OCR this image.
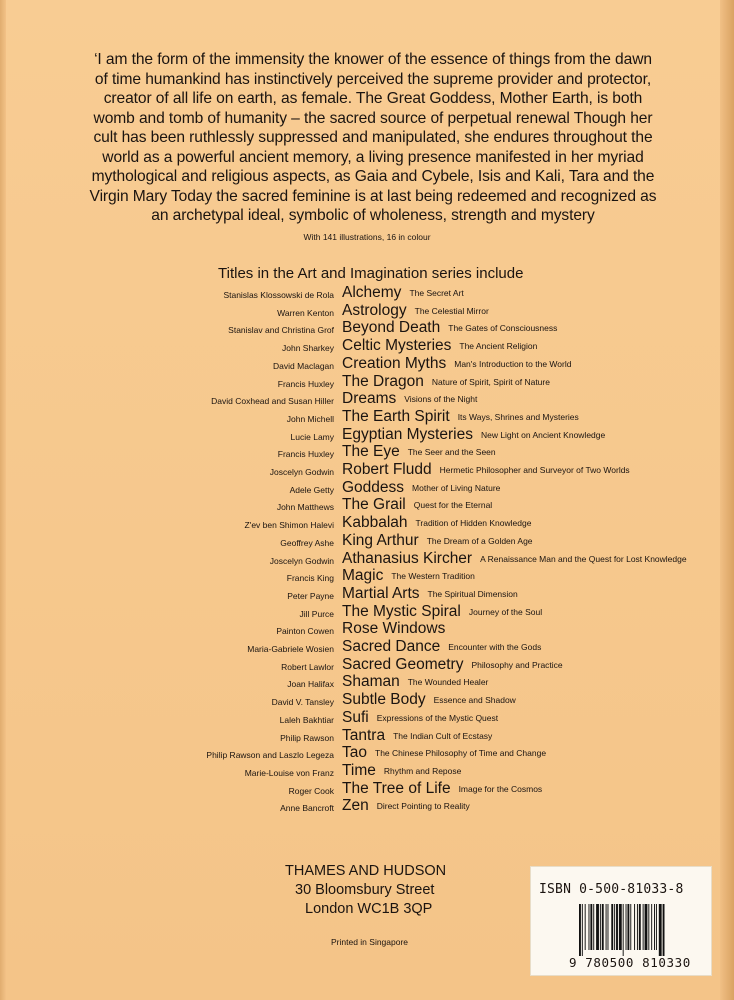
‘I am the form of the immensity the knower of the essence of things from the dawn of time humankind has instinctively perceived the supreme provider and protector, creator of all life on earth, as female. The Great Goddess, Mother Earth, is both womb and tomb of humanity – the sacred source of perpetual renewal Though her cult has been ruthlessly suppressed and manipulated, she endures throughout the world as a powerful ancient memory, a living presence manifested in her myriad mythological and religious aspects, as Gaia and Cybele, Isis and Kali, Tara and the Virgin Mary Today the sacred feminine is at last being redeemed and recognized as an archetypal ideal, symbolic of wholeness, strength and mystery

With 141 illustrations, 16 in colour
Titles in the Art and Imagination series include
Stanislas Klossowski de Rola Alchemy The Secret Art
Warren Kenton Astrology The Celestial Mirror
Stanislav and Christina Grof Beyond Death The Gates of Consciousness
John Sharkey Celtic Mysteries The Ancient Religion
David Maclagan Creation Myths Man's Introduction to the World
Francis Huxley The Dragon Nature of Spirit, Spirit of Nature
David Coxhead and Susan Hiller Dreams Visions of the Night
John Michell The Earth Spirit Its Ways, Shrines and Mysteries
Lucie Lamy Egyptian Mysteries New Light on Ancient Knowledge
Francis Huxley The Eye The Seer and the Seen
Joscelyn Godwin Robert Fludd Hermetic Philosopher and Surveyor of Two Worlds
Adele Getty Goddess Mother of Living Nature
John Matthews The Grail Quest for the Eternal
Z'ev ben Shimon Halevi Kabbalah Tradition of Hidden Knowledge
Geoffrey Ashe King Arthur The Dream of a Golden Age
Joscelyn Godwin Athanasius Kircher A Renaissance Man and the Quest for Lost Knowledge
Francis King Magic The Western Tradition
Peter Payne Martial Arts The Spiritual Dimension
Jill Purce The Mystic Spiral Journey of the Soul
Painton Cowen Rose Windows
Maria-Gabriele Wosien Sacred Dance Encounter with the Gods
Robert Lawlor Sacred Geometry Philosophy and Practice
Joan Halifax Shaman The Wounded Healer
David V. Tansley Subtle Body Essence and Shadow
Laleh Bakhtiar Sufi Expressions of the Mystic Quest
Philip Rawson Tantra The Indian Cult of Ecstasy
Philip Rawson and Laszlo Legeza Tao The Chinese Philosophy of Time and Change
Marie-Louise von Franz Time Rhythm and Repose
Roger Cook The Tree of Life Image for the Cosmos
Anne Bancroft Zen Direct Pointing to Reality
THAMES AND HUDSON
30 Bloomsbury Street
London WC1B 3QP
Printed in Singapore
ISBN 0-500-81033-8
9 780500 810330
